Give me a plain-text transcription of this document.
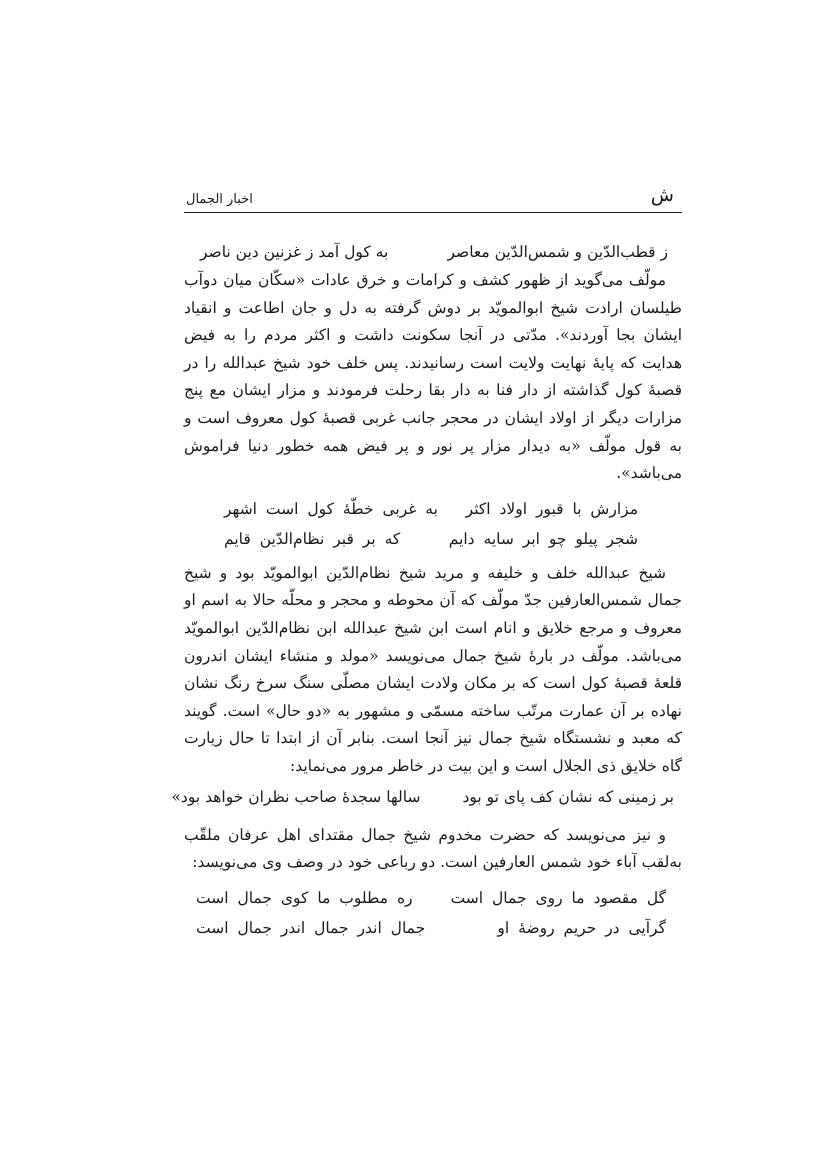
ش
اخبار الجمال
ز قطب‌الدّین و شمس‌الدّین معاصر
به کول آمد ز غزنین دین ناصر

مولّف می‌گوید از ظهور کشف و کرامات و خرق عادات «سکّان میان دوآب طیلسان ارادت شیخ ابوالمویّد بر دوش گرفته به دل و جان اطاعت و انقیاد ایشان بجا آوردند». مدّتی در آنجا سکونت داشت و اکثر مردم را به فیض هدایت که پایهٔ نهایت ولایت است رسانیدند. پس خلف خود شیخ عبدالله را در قصبهٔ کول گذاشته از دار فنا به دار بقا رحلت فرمودند و مزار ایشان مع پنج مزارات دیگر از اولاد ایشان در محجر جانب غربی قصبهٔ کول معروف است و به قول مولّف «به دیدار مزار پر نور و پر فیض همه خطور دنیا فراموش می‌باشد».

مزارش با قبور اولاد اکثر
به غربی خطّهٔ کول است اشهر
شجر پیلو چو ابر سایه دایم
که بر قبر نظام‌الدّین قایم

شیخ عبدالله خلف و خلیفه و مرید شیخ نظام‌الدّین ابوالمویّد بود و شیخ جمال شمس‌العارفین جدّ مولّف که آن محوطه و محجر و محلّه حالا به اسم او معروف و مرجع خلایق و انام است ابن شیخ عبدالله ابن نظام‌الدّین ابوالمویّد می‌باشد. مولّف در بارهٔ شیخ جمال می‌نویسد «مولد و منشاء ایشان اندرون قلعهٔ قصبهٔ کول است که بر مکان ولادت ایشان مصلّی سنگ سرخ رنگ نشان نهاده بر آن عمارت مرتّب ساخته مسمّی و مشهور به «دو حال» است. گویند که معبد و نشستگاه شیخ جمال نیز آنجا است. بنابر آن از ابتدا تا حال زیارت گاه خلایق ذی الجلال است و این بیت در خاطر مرور می‌نماید:

بر زمینی که نشان کف پای تو بود
سالها سجدهٔ صاحب نظران خواهد بود»

و نیز می‌نویسد که حضرت مخدوم شیخ جمال مقتدای اهل عرفان ملقّب به‌لقب آباء خود شمس العارفین است. دو رباعی خود در وصف وی می‌نویسد:

گل مقصود ما روی جمال است
ره مطلوب ما کوی جمال است
گرآیی در حریم روضهٔ او
جمال اندر جمال اندر جمال است
